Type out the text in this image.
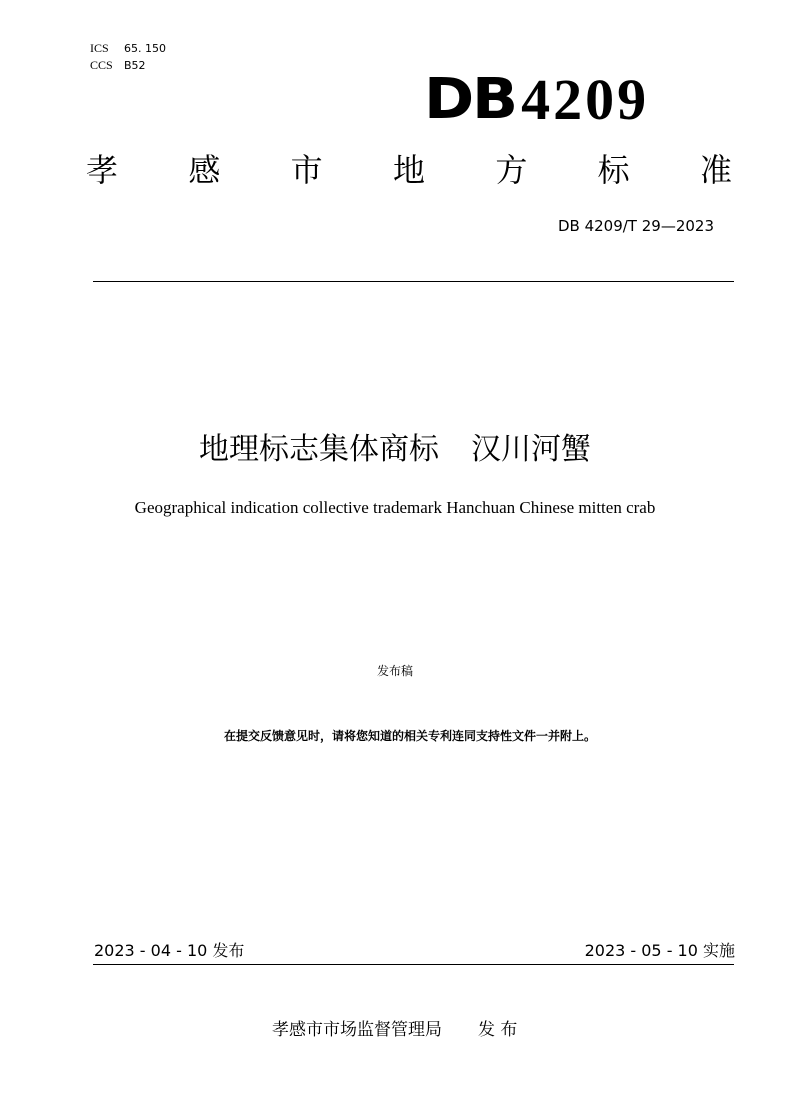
ICS 65. 150
CCS B52
DB 4209
孝 感 市 地 方 标 准
DB 4209/T 29—2023
地理标志集体商标 汉川河蟹
Geographical indication collective trademark Hanchuan Chinese mitten crab
发布稿
在提交反馈意见时，请将您知道的相关专利连同支持性文件一并附上。
2023 - 04 - 10 发布	2023 - 05 - 10 实施
孝感市市场监督管理局 发 布
